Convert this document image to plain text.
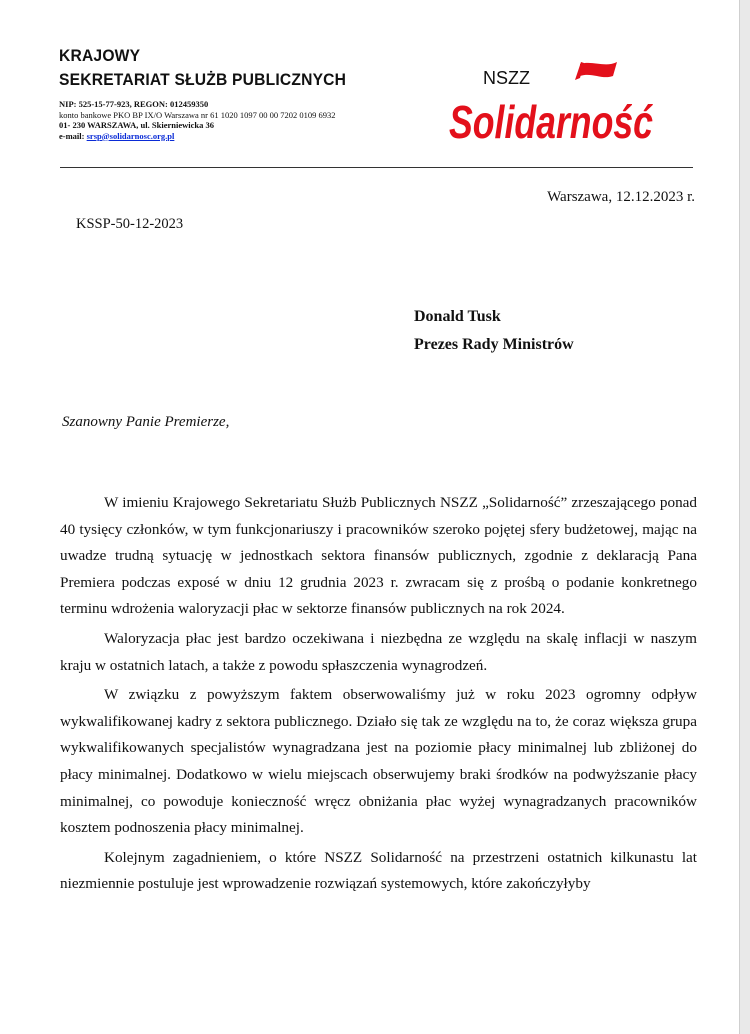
KRAJOWY
SEKRETARIAT SŁUŻB PUBLICZNYCH
NIP: 525-15-77-923, REGON: 012459350
konto bankowe PKO BP IX/O Warszawa nr 61 1020 1097 00 00 7202 0109 6932
01- 230 WARSZAWA, ul. Skierniewicka 36
e-mail: srsp@solidarnosc.org.pl
NSZZ
Solidarność
Warszawa, 12.12.2023 r.
KSSP-50-12-2023
Donald Tusk
Prezes Rady Ministrów
Szanowny Panie Premierze,

W imieniu Krajowego Sekretariatu Służb Publicznych NSZZ „Solidarność” zrzeszającego ponad 40 tysięcy członków, w tym funkcjonariuszy i pracowników szeroko pojętej sfery budżetowej, mając na uwadze trudną sytuację w jednostkach sektora finansów publicznych, zgodnie z deklaracją Pana Premiera podczas exposé w dniu 12 grudnia 2023 r. zwracam się z prośbą o podanie konkretnego terminu wdrożenia waloryzacji płac w sektorze finansów publicznych na rok 2024.

Waloryzacja płac jest bardzo oczekiwana i niezbędna ze względu na skalę inflacji w naszym kraju w ostatnich latach, a także z powodu spłaszczenia wynagrodzeń.

W związku z powyższym faktem obserwowaliśmy już w roku 2023 ogromny odpływ wykwalifikowanej kadry z sektora publicznego. Działo się tak ze względu na to, że coraz większa grupa wykwalifikowanych specjalistów wynagradzana jest na poziomie płacy minimalnej lub zbliżonej do płacy minimalnej. Dodatkowo w wielu miejscach obserwujemy braki środków na podwyższanie płacy minimalnej, co powoduje konieczność wręcz obniżania płac wyżej wynagradzanych pracowników kosztem podnoszenia płacy minimalnej.

Kolejnym zagadnieniem, o które NSZZ Solidarność na przestrzeni ostatnich kilkunastu lat niezmiennie postuluje jest wprowadzenie rozwiązań systemowych, które zakończyłyby
